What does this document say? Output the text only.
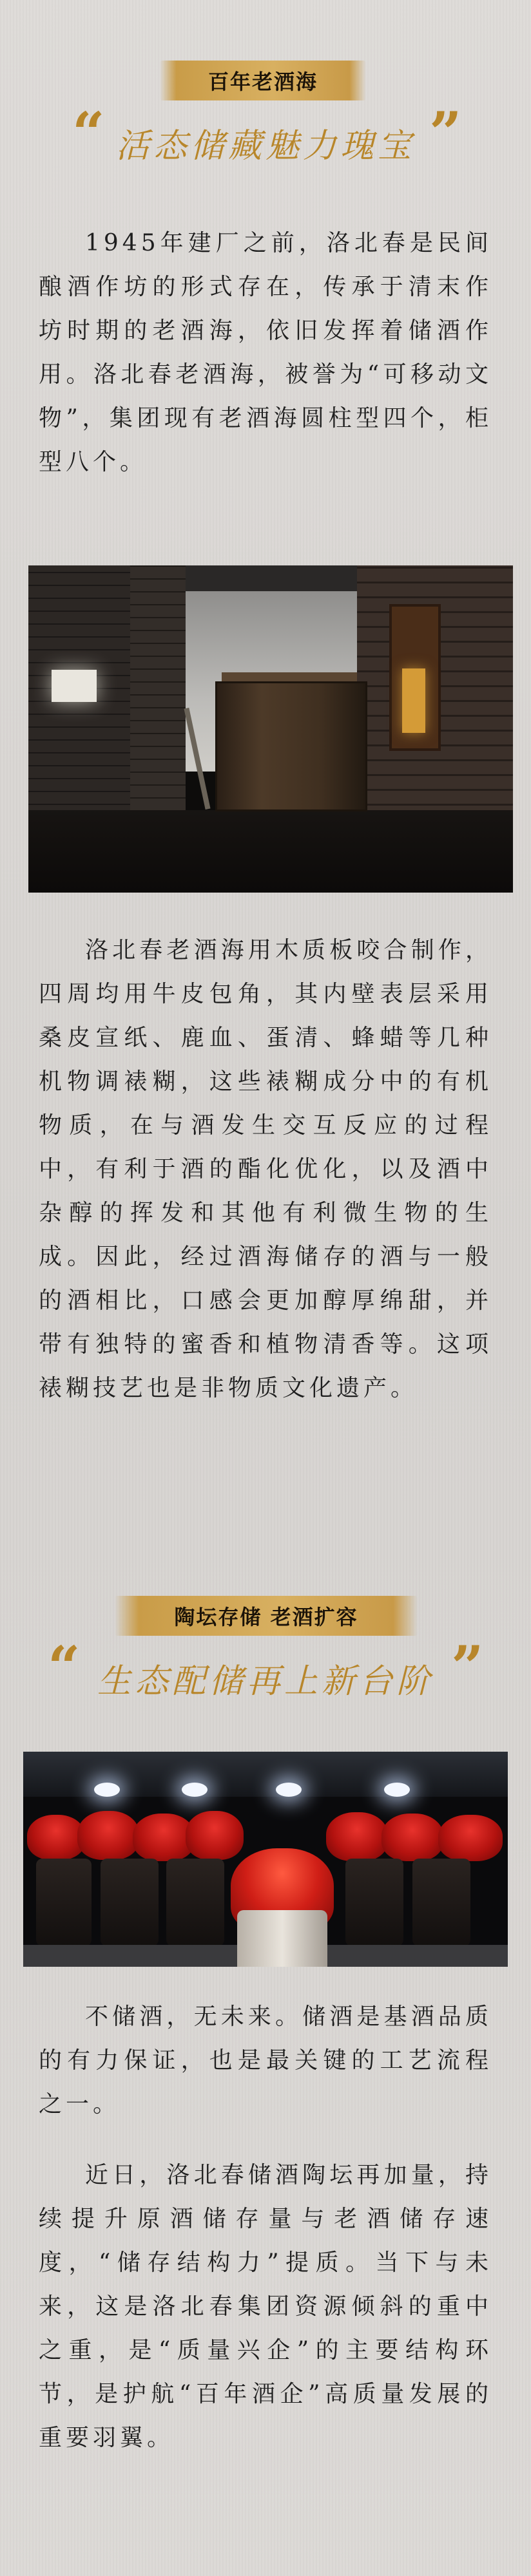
百年老酒海
“ 活态储藏魅力瑰宝 ”

1945年建厂之前，洛北春是民间酿酒作坊的形式存在，传承于清末作坊时期的老酒海，依旧发挥着储酒作用。洛北春老酒海，被誉为“可移动文物”，集团现有老酒海圆柱型四个，柜型八个。

洛北春老酒海用木质板咬合制作，四周均用牛皮包角，其内壁表层采用桑皮宣纸、鹿血、蛋清、蜂蜡等几种机物调裱糊，这些裱糊成分中的有机物质，在与酒发生交互反应的过程中，有利于酒的酯化优化，以及酒中杂醇的挥发和其他有利微生物的生成。因此，经过酒海储存的酒与一般的酒相比，口感会更加醇厚绵甜，并带有独特的蜜香和植物清香等。这项裱糊技艺也是非物质文化遗产。

陶坛存储 老酒扩容
“ 生态配储再上新台阶 ”

不储酒，无未来。储酒是基酒品质的有力保证，也是最关键的工艺流程之一。

近日，洛北春储酒陶坛再加量，持续提升原酒储存量与老酒储存速度，“储存结构力”提质。当下与未来，这是洛北春集团资源倾斜的重中之重，是“质量兴企”的主要结构环节，是护航“百年酒企”高质量发展的重要羽翼。
